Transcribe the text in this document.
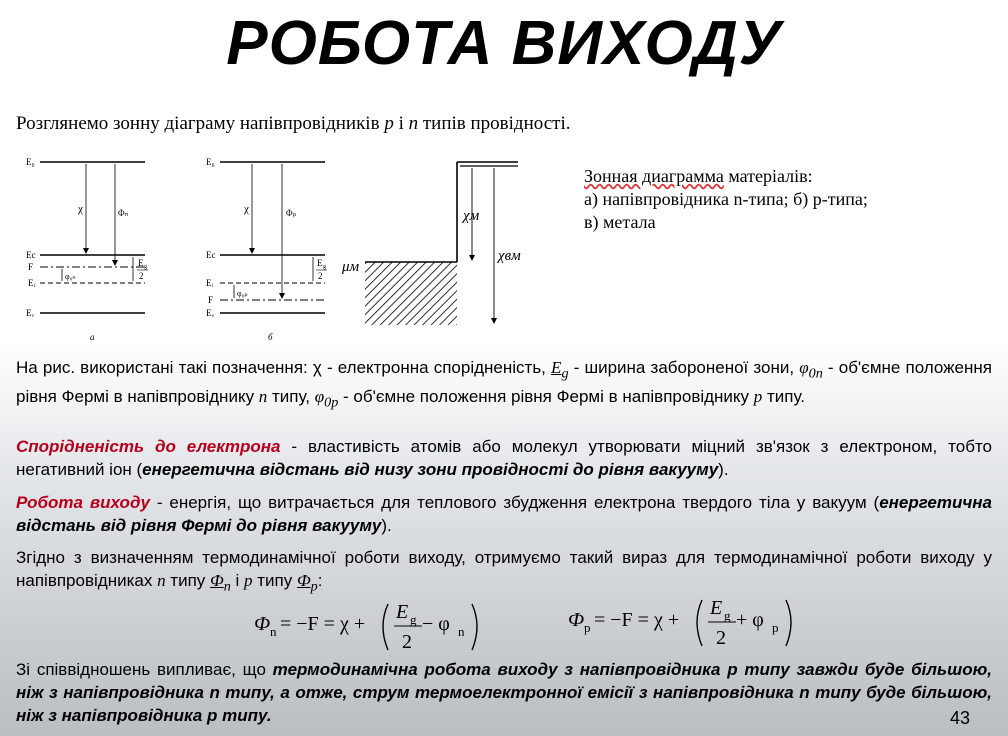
РОБОТА ВИХОДУ
Розглянемо зонну діаграму напівпровідників p і n типів провідності.
E₀
Eс
F
Eᵢ
Eᵥ
χ	Φₙ
E g
2
φ₀ₙ
а
E₀
Eс
Eᵢ
F
Eᵥ
χ	Φₚ
E g
2
φ₀ₚ
б
χм
μм
χвм
Зонная диаграмма матеріалів:
а) напівпровідника n-типа; б) p-типа;
в) метала
На рис. використані такі позначення: χ - електронна спорідненість, $E_g$ - ширина забороненої зони, $\varphi_{0n}$ - об'ємне положення рівня Фермі в напівпровіднику n типу, $\varphi_{0p}$ - об'ємне положення рівня Фермі в напівпровіднику p типу.
Спорідненість до електрона - властивість атомів або молекул утворювати міцний зв'язок з електроном, тобто негативний іон (енергетична відстань від низу зони провідності до рівня вакууму).
Робота виходу - енергія, що витрачається для теплового збудження електрона твердого тіла у вакуум (енергетична відстань від рівня Фермі до рівня вакууму).
Згідно з визначенням термодинамічної роботи виходу, отримуємо такий вираз для термодинамічної роботи виходу у напівпровідниках n типу $Ф_n$ і p типу $Ф_p$:
Ф n = −F = χ +
E g
2
− φ n
Ф p = −F = χ +
E g
2
+ φ p
Зі співвідношень випливає, що термодинамічна робота виходу з напівпровідника p типу завжди буде більшою, ніж з напівпровідника n типу, а отже, струм термоелектронної емісії з напівпровідника n типу буде більшою, ніж з напівпровідника p типу.	43
